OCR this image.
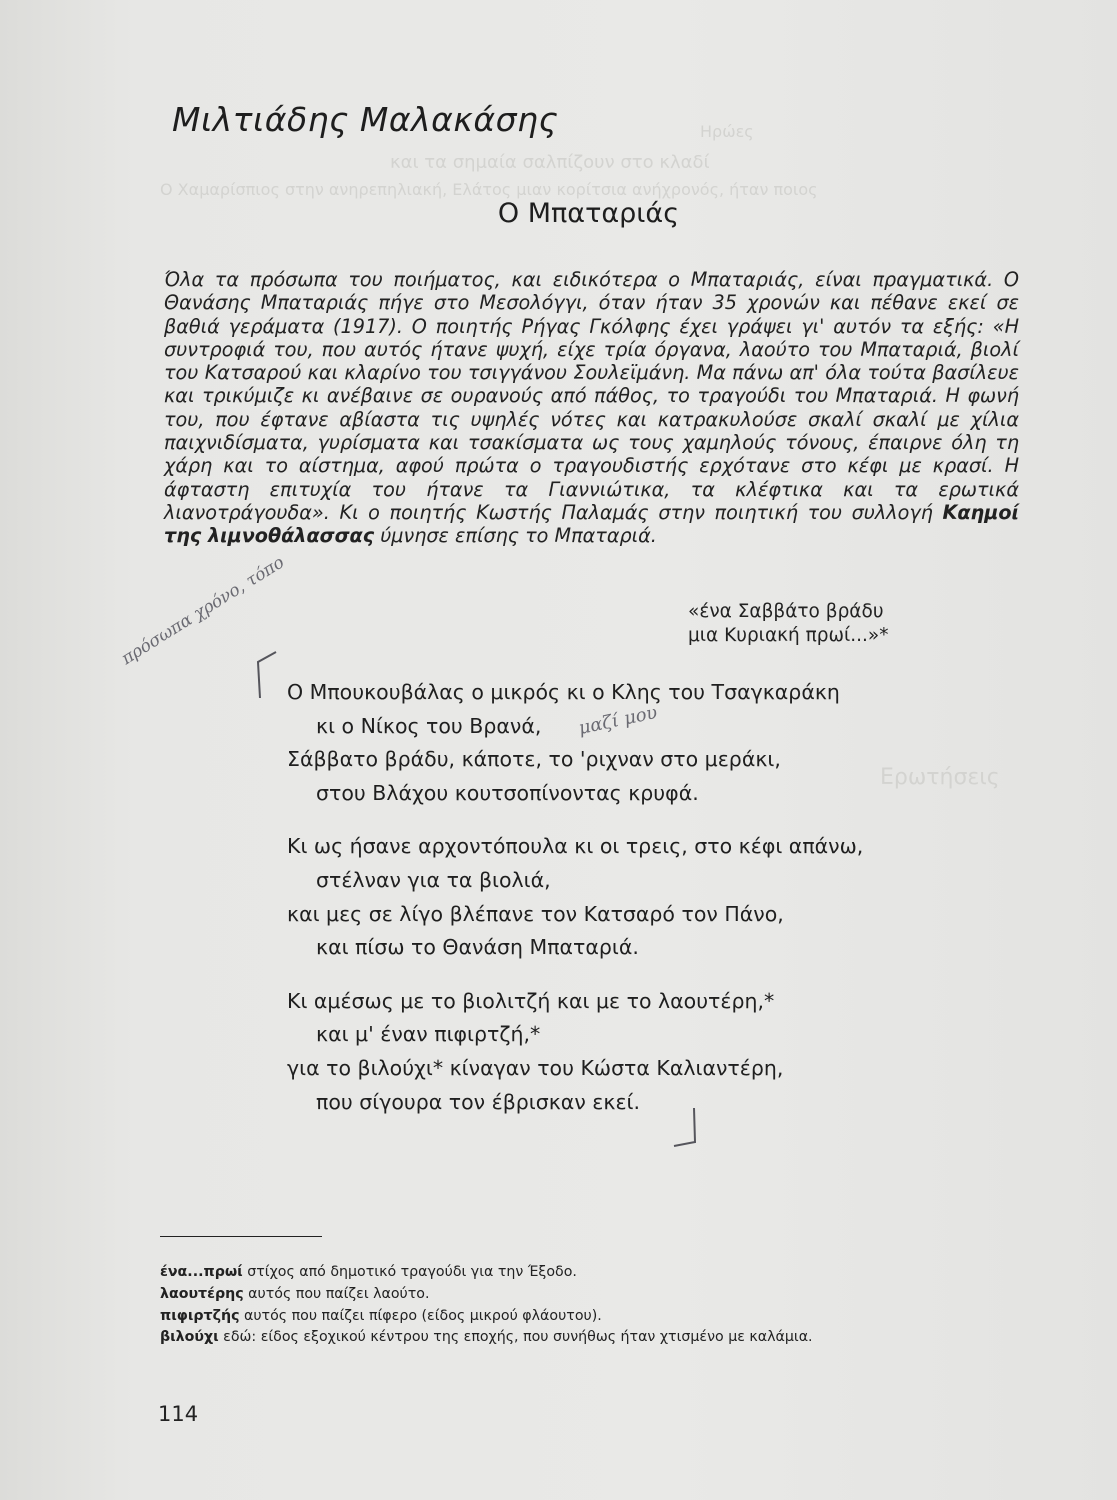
Ηρώες
και τα σημαία σαλπίζουν στο κλαδί
Ο Χαμαρίσπιος στην ανηρεπηλιακή, Ελάτος μιαν κορίτσια ανήχρονός, ήταν ποιος
Ερωτήσεις
Μιλτιάδης Μαλακάσης
Ο Μπαταριάς
Όλα τα πρόσωπα του ποιήματος, και ειδικότερα ο Μπαταριάς, είναι πραγματικά. Ο Θανάσης Μπαταριάς πήγε στο Μεσολόγγι, όταν ήταν 35 χρονών και πέθανε εκεί σε βαθιά γεράματα (1917). Ο ποιητής Ρήγας Γκόλφης έχει γράψει γι' αυτόν τα εξής: «Η συντροφιά του, που αυτός ήτανε ψυχή, είχε τρία όργανα, λαούτο του Μπαταριά, βιολί του Κατσαρού και κλαρίνο του τσιγγάνου Σουλεϊμάνη. Μα πάνω απ' όλα τούτα βασίλευε και τρικύμιζε κι ανέβαινε σε ουρανούς από πάθος, το τραγούδι του Μπαταριά. Η φωνή του, που έφτανε αβίαστα τις υψηλές νότες και κατρακυλούσε σκαλί σκαλί με χίλια παιχνιδίσματα, γυρίσματα και τσακίσματα ως τους χαμηλούς τόνους, έπαιρνε όλη τη χάρη και το αίστημα, αφού πρώτα ο τραγουδιστής ερχότανε στο κέφι με κρασί. Η άφταστη επιτυχία του ήτανε τα Γιαννιώτικα, τα κλέφτικα και τα ερωτικά λιανοτράγουδα». Κι ο ποιητής Κωστής Παλαμάς στην ποιητική του συλλογή Καημοί της λιμνοθάλασσας ύμνησε επίσης το Μπαταριά.
«ένα Σαββάτο βράδυ
μια Κυριακή πρωί...»*
πρόσωπα χρόνο, τόπο
μαζί μου
Ο Μπουκουβάλας ο μικρός κι ο Κλης του Τσαγκαράκη
κι ο Νίκος του Βρανά,
Σάββατο βράδυ, κάποτε, το 'ριχναν στο μεράκι,
στου Βλάχου κουτσοπίνοντας κρυφά.
Κι ως ήσανε αρχοντόπουλα κι οι τρεις, στο κέφι απάνω,
στέλναν για τα βιολιά,
και μες σε λίγο βλέπανε τον Κατσαρό τον Πάνο,
και πίσω το Θανάση Μπαταριά.
Κι αμέσως με το βιολιτζή και με το λαουτέρη,*
και μ' έναν πιφιρτζή,*
για το βιλούχι* κίναγαν του Κώστα Καλιαντέρη,
που σίγουρα τον έβρισκαν εκεί.
ένα...πρωί στίχος από δημοτικό τραγούδι για την Έξοδο.
λαουτέρης αυτός που παίζει λαούτο.
πιφιρτζής αυτός που παίζει πίφερο (είδος μικρού φλάουτου).
βιλούχι εδώ: είδος εξοχικού κέντρου της εποχής, που συνήθως ήταν χτισμένο με καλάμια.
114
